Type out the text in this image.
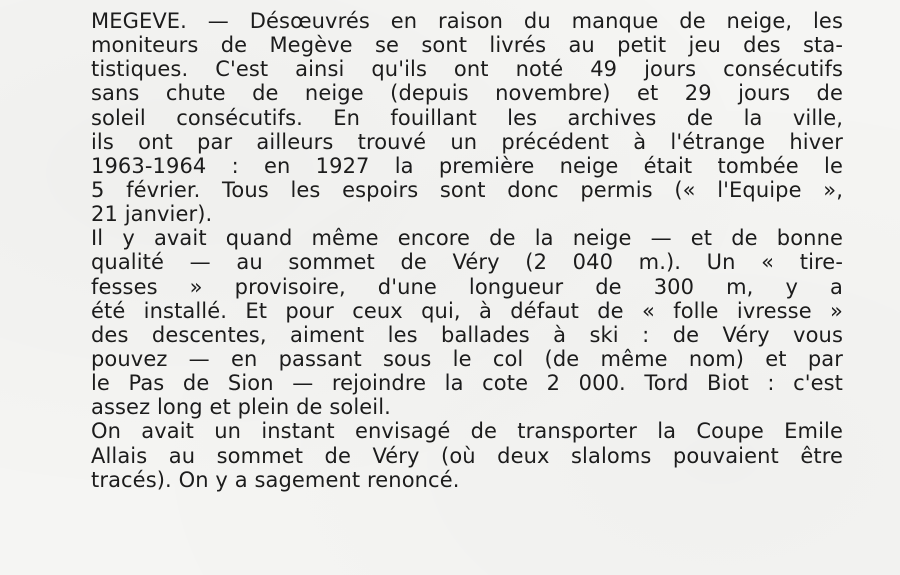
MEGEVE. — Désœuvrés en raison du manque de neige, les
moniteurs de Megève se sont livrés au petit jeu des sta-
tistiques. C'est ainsi qu'ils ont noté 49 jours consécutifs
sans chute de neige (depuis novembre) et 29 jours de
soleil consécutifs. En fouillant les archives de la ville,
ils ont par ailleurs trouvé un précédent à l'étrange hiver
1963-1964 : en 1927 la première neige était tombée le
5 février. Tous les espoirs sont donc permis (« l'Equipe »,
21 janvier).
Il y avait quand même encore de la neige — et de bonne
qualité — au sommet de Véry (2 040 m.). Un « tire-
fesses » provisoire, d'une longueur de 300 m, y a
été installé. Et pour ceux qui, à défaut de « folle ivresse »
des descentes, aiment les ballades à ski : de Véry vous
pouvez — en passant sous le col (de même nom) et par
le Pas de Sion — rejoindre la cote 2 000. Tord Biot : c'est
assez long et plein de soleil.
On avait un instant envisagé de transporter la Coupe Emile
Allais au sommet de Véry (où deux slaloms pouvaient être
tracés). On y a sagement renoncé.
